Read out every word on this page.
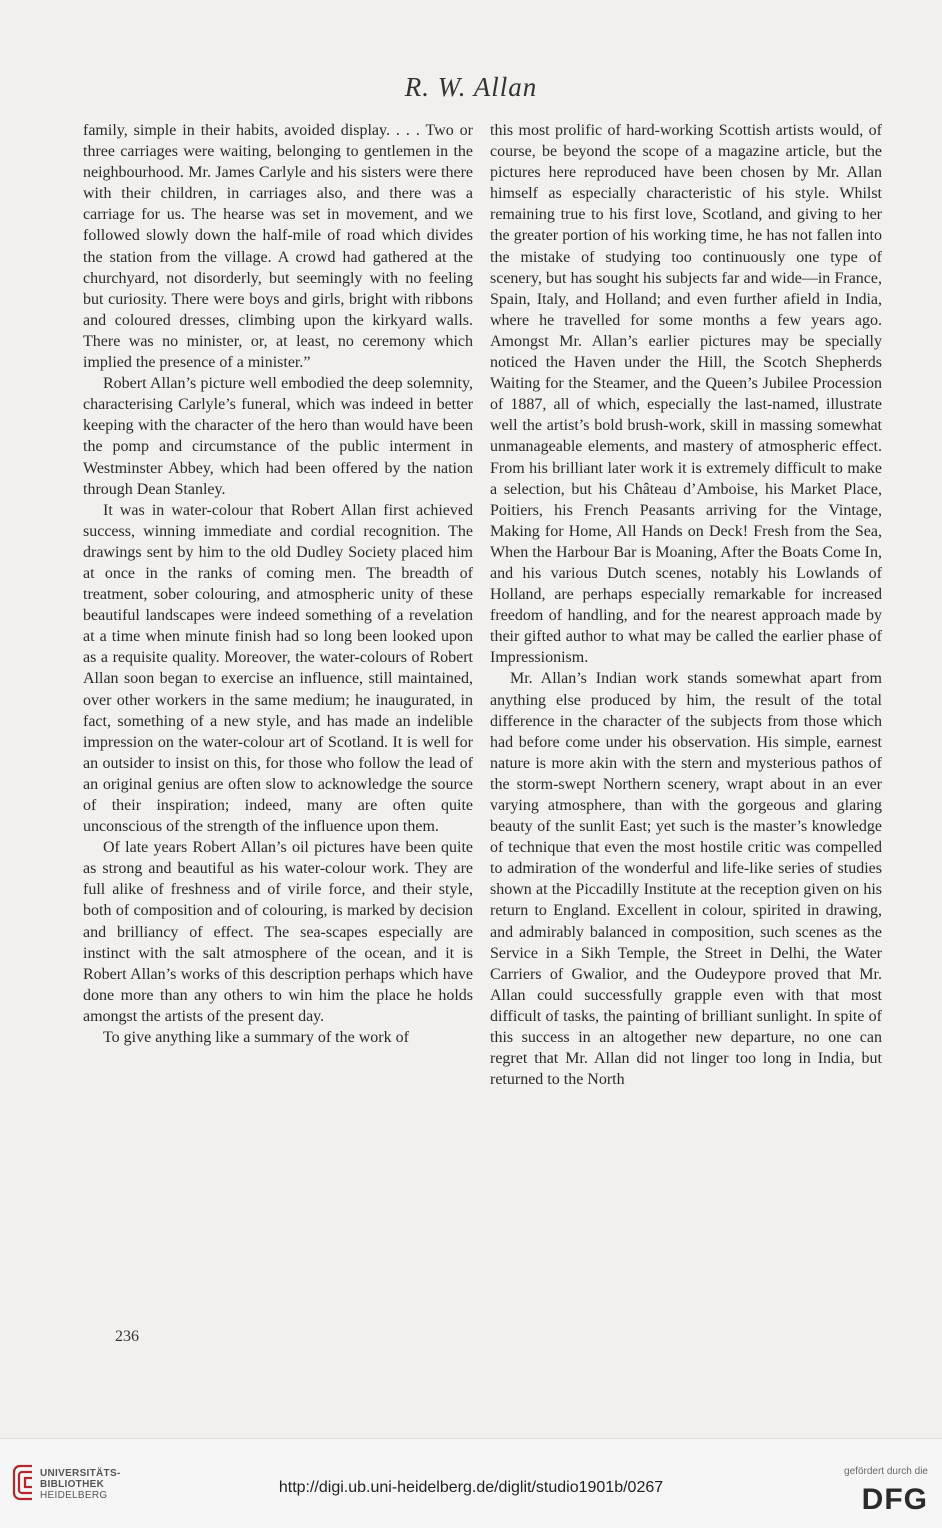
R. W. Allan

family, simple in their habits, avoided display. . . . Two or three carriages were waiting, belonging to gentlemen in the neighbourhood. Mr. James Carlyle and his sisters were there with their children, in carriages also, and there was a carriage for us. The hearse was set in movement, and we followed slowly down the half-mile of road which divides the station from the village. A crowd had gathered at the churchyard, not disorderly, but seemingly with no feeling but curiosity. There were boys and girls, bright with ribbons and coloured dresses, climbing upon the kirkyard walls. There was no minister, or, at least, no ceremony which implied the presence of a minister.”

Robert Allan’s picture well embodied the deep solemnity, characterising Carlyle’s funeral, which was indeed in better keeping with the character of the hero than would have been the pomp and circumstance of the public interment in Westminster Abbey, which had been offered by the nation through Dean Stanley.

It was in water-colour that Robert Allan first achieved success, winning immediate and cordial recognition. The drawings sent by him to the old Dudley Society placed him at once in the ranks of coming men. The breadth of treatment, sober colouring, and atmospheric unity of these beautiful landscapes were indeed something of a revelation at a time when minute finish had so long been looked upon as a requisite quality. Moreover, the water-colours of Robert Allan soon began to exercise an influence, still maintained, over other workers in the same medium; he inaugurated, in fact, something of a new style, and has made an indelible impression on the water-colour art of Scotland. It is well for an outsider to insist on this, for those who follow the lead of an original genius are often slow to acknowledge the source of their inspiration; indeed, many are often quite unconscious of the strength of the influence upon them.

Of late years Robert Allan’s oil pictures have been quite as strong and beautiful as his water-colour work. They are full alike of freshness and of virile force, and their style, both of composition and of colouring, is marked by decision and brilliancy of effect. The sea-scapes especially are instinct with the salt atmosphere of the ocean, and it is Robert Allan’s works of this description perhaps which have done more than any others to win him the place he holds amongst the artists of the present day.

To give anything like a summary of the work of

this most prolific of hard-working Scottish artists would, of course, be beyond the scope of a magazine article, but the pictures here reproduced have been chosen by Mr. Allan himself as especially characteristic of his style. Whilst remaining true to his first love, Scotland, and giving to her the greater portion of his working time, he has not fallen into the mistake of studying too continuously one type of scenery, but has sought his subjects far and wide—in France, Spain, Italy, and Holland; and even further afield in India, where he travelled for some months a few years ago. Amongst Mr. Allan’s earlier pictures may be specially noticed the Haven under the Hill, the Scotch Shepherds Waiting for the Steamer, and the Queen’s Jubilee Procession of 1887, all of which, especially the last-named, illustrate well the artist’s bold brush-work, skill in massing somewhat unmanageable elements, and mastery of atmospheric effect. From his brilliant later work it is extremely difficult to make a selection, but his Château d’Amboise, his Market Place, Poitiers, his French Peasants arriving for the Vintage, Making for Home, All Hands on Deck! Fresh from the Sea, When the Harbour Bar is Moaning, After the Boats Come In, and his various Dutch scenes, notably his Lowlands of Holland, are perhaps especially remarkable for increased freedom of handling, and for the nearest approach made by their gifted author to what may be called the earlier phase of Impressionism.

Mr. Allan’s Indian work stands somewhat apart from anything else produced by him, the result of the total difference in the character of the subjects from those which had before come under his observation. His simple, earnest nature is more akin with the stern and mysterious pathos of the storm-swept Northern scenery, wrapt about in an ever varying atmosphere, than with the gorgeous and glaring beauty of the sunlit East; yet such is the master’s knowledge of technique that even the most hostile critic was compelled to admiration of the wonderful and life-like series of studies shown at the Piccadilly Institute at the reception given on his return to England. Excellent in colour, spirited in drawing, and admirably balanced in composition, such scenes as the Service in a Sikh Temple, the Street in Delhi, the Water Carriers of Gwalior, and the Oudeypore proved that Mr. Allan could successfully grapple even with that most difficult of tasks, the painting of brilliant sunlight. In spite of this success in an altogether new departure, no one can regret that Mr. Allan did not linger too long in India, but returned to the North

236
UNIVERSITÄTS-
BIBLIOTHEK
HEIDELBERG	http://digi.ub.uni-heidelberg.de/diglit/studio1901b/0267
gefördert durch die
DFG
